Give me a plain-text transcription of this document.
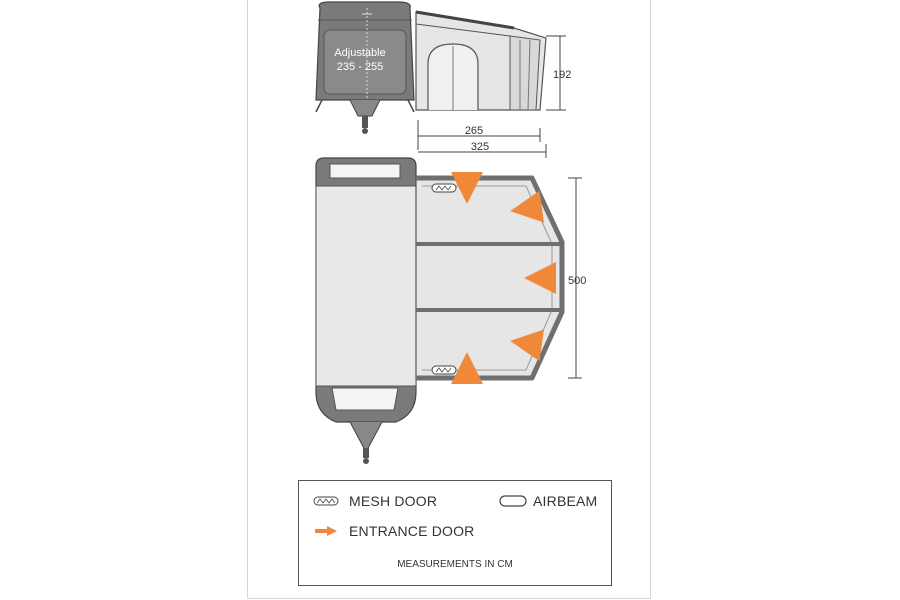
Adjustable
235 - 255
192
265
325
500
MESH DOOR	AIRBEAM
ENTRANCE DOOR
MEASUREMENTS IN CM
